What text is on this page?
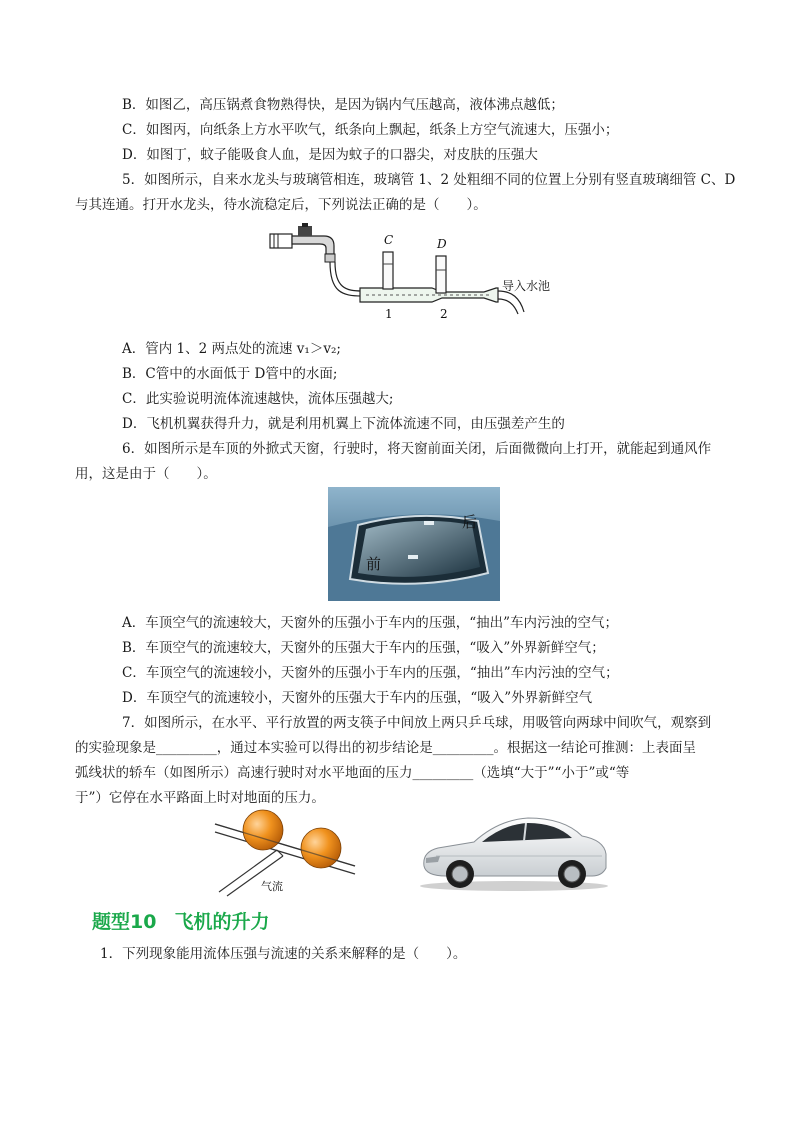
B．如图乙，高压锅煮食物熟得快，是因为锅内气压越高，液体沸点越低；
C．如图丙，向纸条上方水平吹气，纸条向上飘起，纸条上方空气流速大，压强小；
D．如图丁，蚊子能吸食人血，是因为蚊子的口器尖，对皮肤的压强大
5．如图所示，自来水龙头与玻璃管相连，玻璃管 1、2 处粗细不同的位置上分别有竖直玻璃细管 C、D
与其连通。打开水龙头，待水流稳定后，下列说法正确的是（　　）。
C	D
1	2
导入水池
A．管内 1、2 两点处的流速 v₁＞v₂;
B．C管中的水面低于 D管中的水面;
C．此实验说明流体流速越快，流体压强越大;
D．飞机机翼获得升力，就是利用机翼上下流体流速不同，由压强差产生的
6．如图所示是车顶的外掀式天窗，行驶时，将天窗前面关闭，后面微微向上打开，就能起到通风作
用，这是由于（　　）。
后
前
A．车顶空气的流速较大，天窗外的压强小于车内的压强，“抽出”车内污浊的空气；
B．车顶空气的流速较大，天窗外的压强大于车内的压强，“吸入”外界新鲜空气；
C．车顶空气的流速较小，天窗外的压强小于车内的压强，“抽出”车内污浊的空气；
D．车顶空气的流速较小，天窗外的压强大于车内的压强，“吸入”外界新鲜空气
7．如图所示，在水平、平行放置的两支筷子中间放上两只乒乓球，用吸管向两球中间吹气，观察到
的实验现象是_________，通过本实验可以得出的初步结论是_________。根据这一结论可推测：上表面呈
弧线状的轿车（如图所示）高速行驶时对水平地面的压力_________（选填“大于”“小于”或“等
于”）它停在水平路面上时对地面的压力。
气流
题型10 飞机的升力
1．下列现象能用流体压强与流速的关系来解释的是（　　）。
